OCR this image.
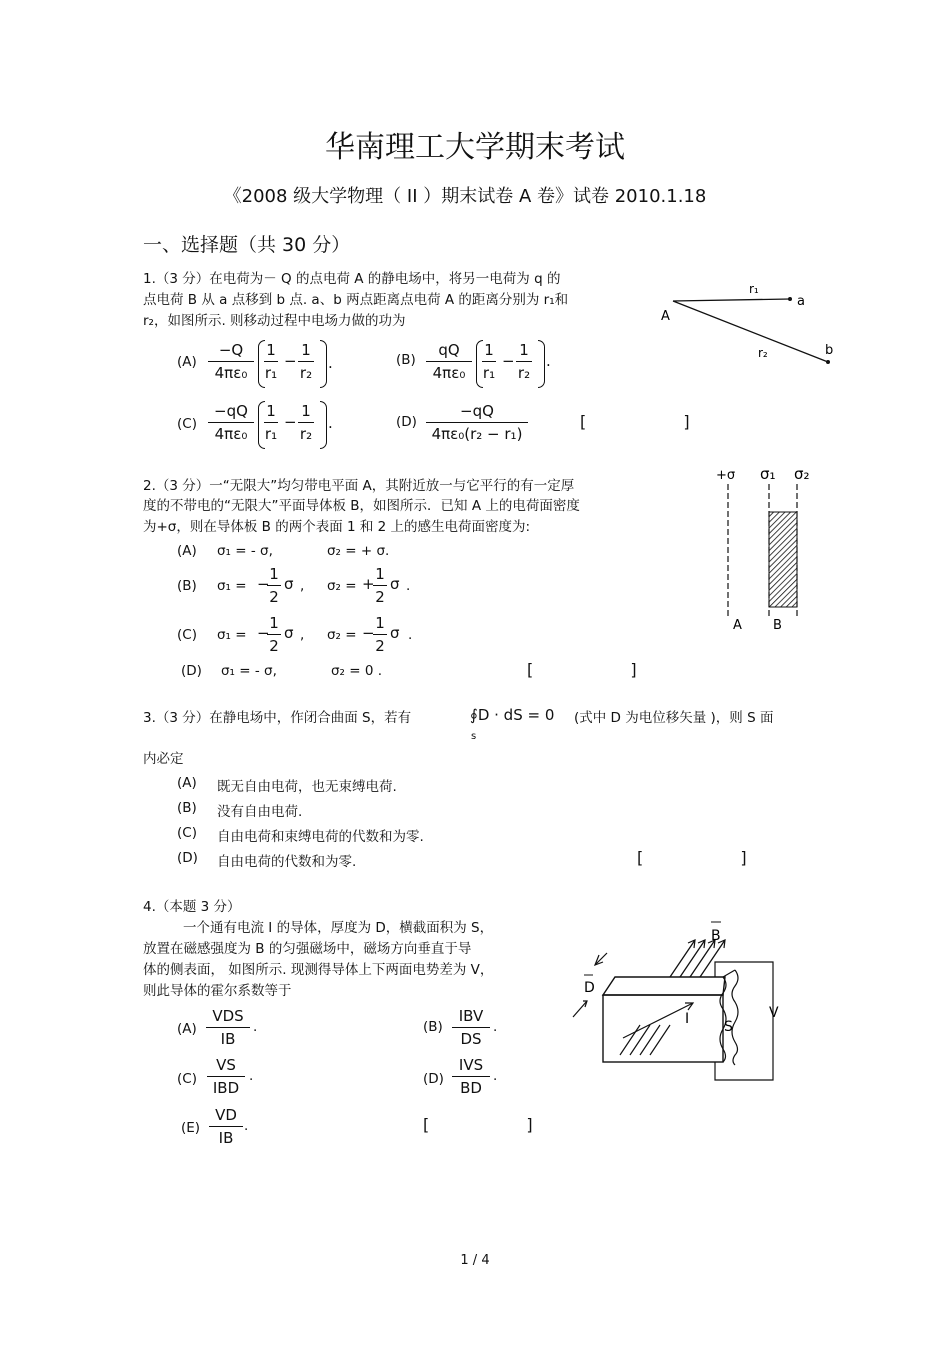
华南理工大学期末考试
《2008 级大学物理（ II ）期末试卷 A 卷》试卷 2010.1.18
一、选择题（共 30 分）
1.（3 分）在电荷为－ Q 的点电荷 A 的静电场中，将另一电荷为 q 的
点电荷 B 从 a 点移到 b 点. a、b 两点距离点电荷 A 的距离分别为 r₁和
r₂，如图所示. 则移动过程中电场力做的功为
r₁
a
A
r₂	b
(A)
−Q
4πε₀
1
r₁
−
1
r₂
.	(B)
qQ
4πε₀
1
r₁
−
1
r₂
.
(C)
−qQ
4πε₀
1
r₁
−
1
r₂
.	(D)
−qQ
4πε₀(r₂ − r₁)
[ ]
2.（3 分）一“无限大”均匀带电平面 A，其附近放一与它平行的有一定厚
度的不带电的“无限大”平面导体板 B，如图所示．已知 A 上的电荷面密度
为+σ，则在导体板 B 的两个表面 1 和 2 上的感生电荷面密度为:
+σ σ₁ σ₂
A B
(A) σ₁ = - σ,	σ₂ = + σ.
(B) σ₁ = −
1
2
σ , σ₂ = +
1
2
σ .
(C) σ₁ = −
1
2
σ , σ₂ = −
1
2
σ .
(D) σ₁ = - σ,	σ₂ = 0 .	[ ]
3.（3 分）在静电场中，作闭合曲面 S，若有	∮D · dS = 0
s
(式中 D 为电位移矢量 )，则 S 面
内必定
(A) 既无自由电荷，也无束缚电荷.
(B) 没有自由电荷.
(C) 自由电荷和束缚电荷的代数和为零.
(D) 自由电荷的代数和为零.	[ ]
4.（本题 3 分）
一个通有电流 I 的导体，厚度为 D，横截面积为 S，
放置在磁感强度为 B 的匀强磁场中，磁场方向垂直于导
体的侧表面， 如图所示. 现测得导体上下两面电势差为 V，
则此导体的霍尔系数等于
B
D
I S
V
(A)
VDS
IB
.	(B)
IBV
DS
.
(C)
VS
IBD
.	(D)
IVS
BD
.
(E)
VD
IB
.	[ ]
1 / 4
